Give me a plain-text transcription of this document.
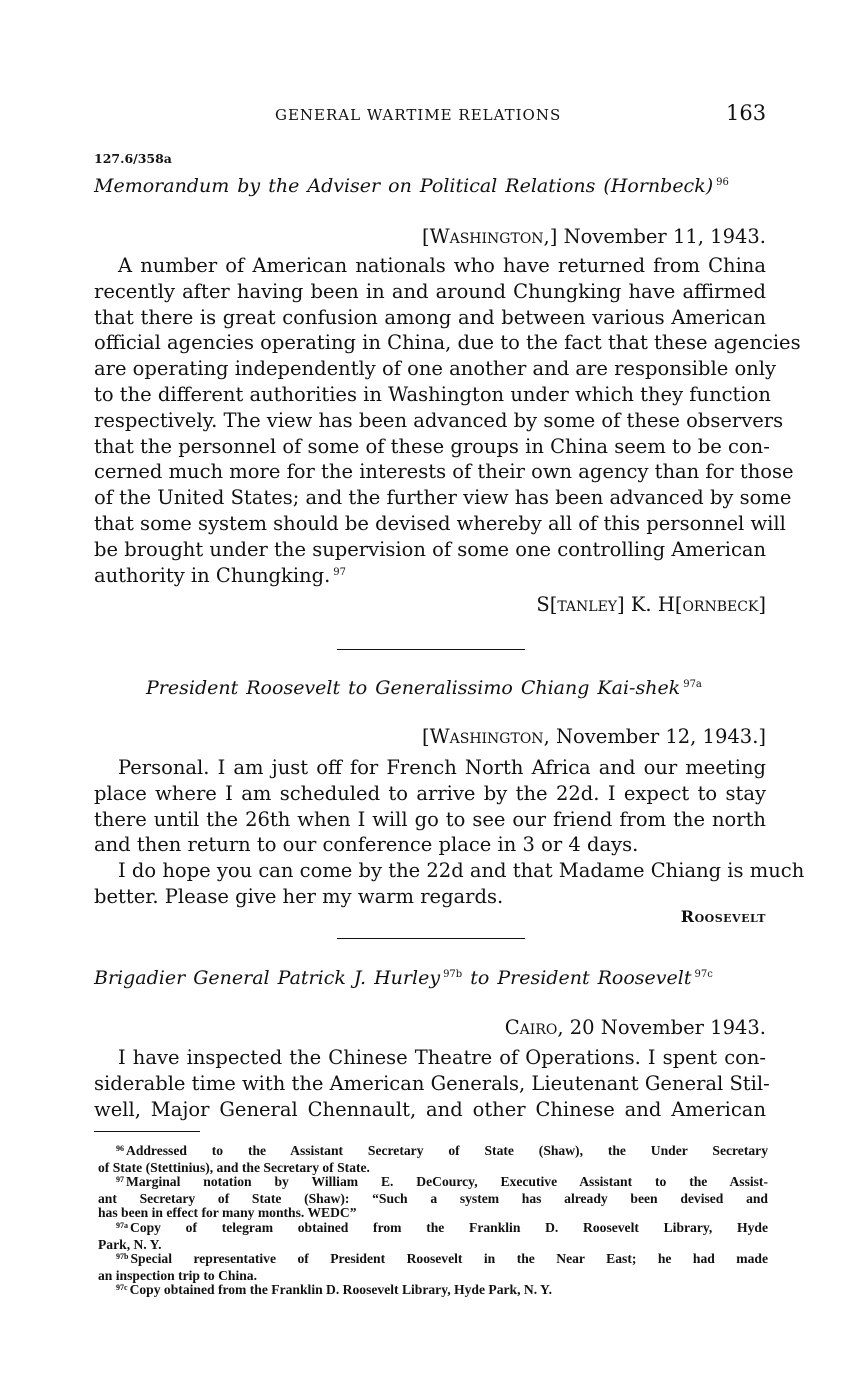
GENERAL WARTIME RELATIONS	163
127.6/358a
Memorandum by the Adviser on Political Relations (Hornbeck) $^{96}$
[Washington,] November 11, 1943.
A number of American nationals who have returned from China
recently after having been in and around Chungking have affirmed
that there is great confusion among and between various American
official agencies operating in China, due to the fact that these agencies
are operating independently of one another and are responsible only
to the different authorities in Washington under which they function
respectively. The view has been advanced by some of these observers
that the personnel of some of these groups in China seem to be con-
cerned much more for the interests of their own agency than for those
of the United States; and the further view has been advanced by some
that some system should be devised whereby all of this personnel will
be brought under the supervision of some one controlling American
authority in Chungking. $^{97}$
S[tanley] K. H[ornbeck]
President Roosevelt to Generalissimo Chiang Kai-shek $^{97a}$
[Washington, November 12, 1943.]
Personal. I am just off for French North Africa and our meeting
place where I am scheduled to arrive by the 22d. I expect to stay
there until the 26th when I will go to see our friend from the north
and then return to our conference place in 3 or 4 days.
I do hope you can come by the 22d and that Madame Chiang is much
better. Please give her my warm regards.
Roosevelt
Brigadier General Patrick J. Hurley $^{97b}$ to President Roosevelt $^{97c}$
Cairo, 20 November 1943.
I have inspected the Chinese Theatre of Operations. I spent con-
siderable time with the American Generals, Lieutenant General Stil-
well, Major General Chennault, and other Chinese and American
$^{96}$ Addressed to the Assistant Secretary of State (Shaw), the Under Secretary
of State (Stettinius), and the Secretary of State.
$^{97}$ Marginal notation by William E. DeCourcy, Executive Assistant to the Assist-
ant Secretary of State (Shaw): “Such a system has already been devised and
has been in effect for many months. WEDC”
$^{97a}$ Copy of telegram obtained from the Franklin D. Roosevelt Library, Hyde
Park, N. Y.
$^{97b}$ Special representative of President Roosevelt in the Near East; he had made
an inspection trip to China.
$^{97c}$ Copy obtained from the Franklin D. Roosevelt Library, Hyde Park, N. Y.
